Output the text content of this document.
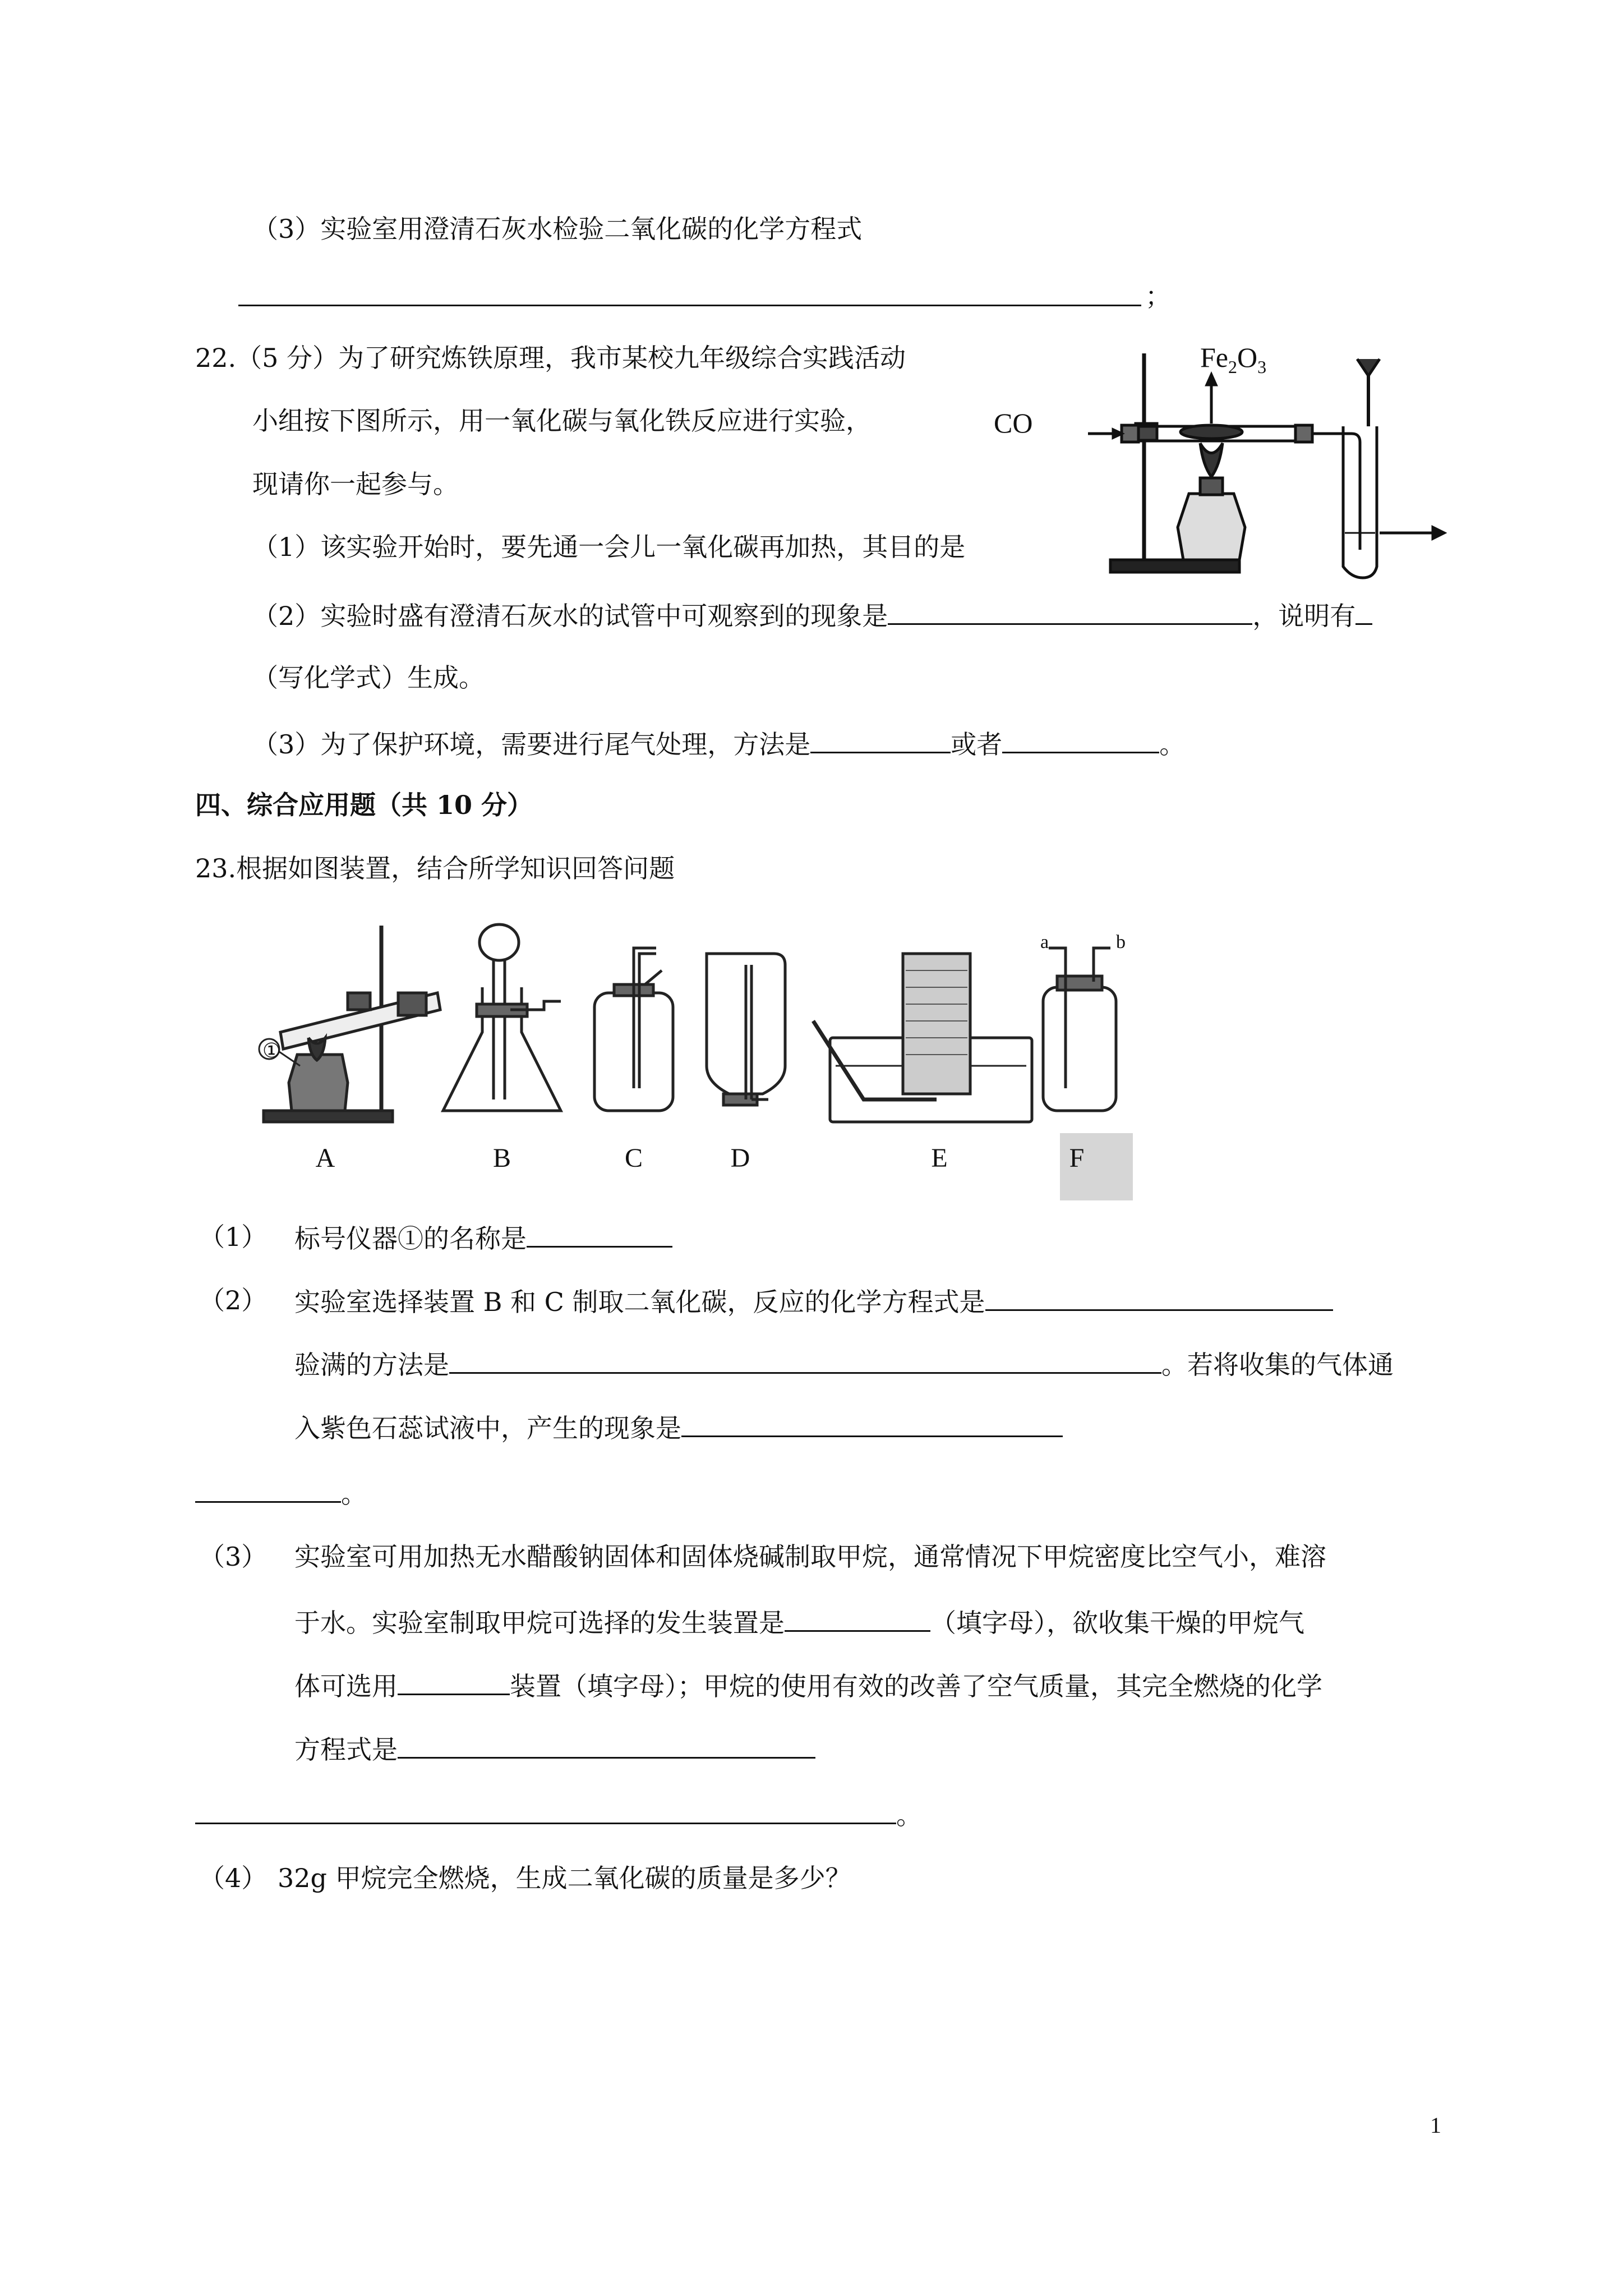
（3）实验室用澄清石灰水检验二氧化碳的化学方程式
；
22.（5 分）为了研究炼铁原理，我市某校九年级综合实践活动
小组按下图所示，用一氧化碳与氧化铁反应进行实验，
现请你一起参与。
（1）该实验开始时，要先通一会儿一氧化碳再加热，其目的是
（2）实验时盛有澄清石灰水的试管中可观察到的现象是	，说明有
（写化学式）生成。
（3）为了保护环境，需要进行尾气处理，方法是	或者	。
CO
$Fe_2O_3$
四、综合应用题（共 10 分）
23.根据如图装置，结合所学知识回答问题
A	B	C	D	E	F
①
a	b
（1） 标号仪器①的名称是
（2） 实验室选择装置 B 和 C 制取二氧化碳，反应的化学方程式是
验满的方法是	。若将收集的气体通
入紫色石蕊试液中，产生的现象是
。
（3） 实验室可用加热无水醋酸钠固体和固体烧碱制取甲烷，通常情况下甲烷密度比空气小，难溶
于水。实验室制取甲烷可选择的发生装置是	（填字母），欲收集干燥的甲烷气
体可选用	装置（填字母）；甲烷的使用有效的改善了空气质量，其完全燃烧的化学
方程式是
。
（4） 32g 甲烷完全燃烧，生成二氧化碳的质量是多少？
1
